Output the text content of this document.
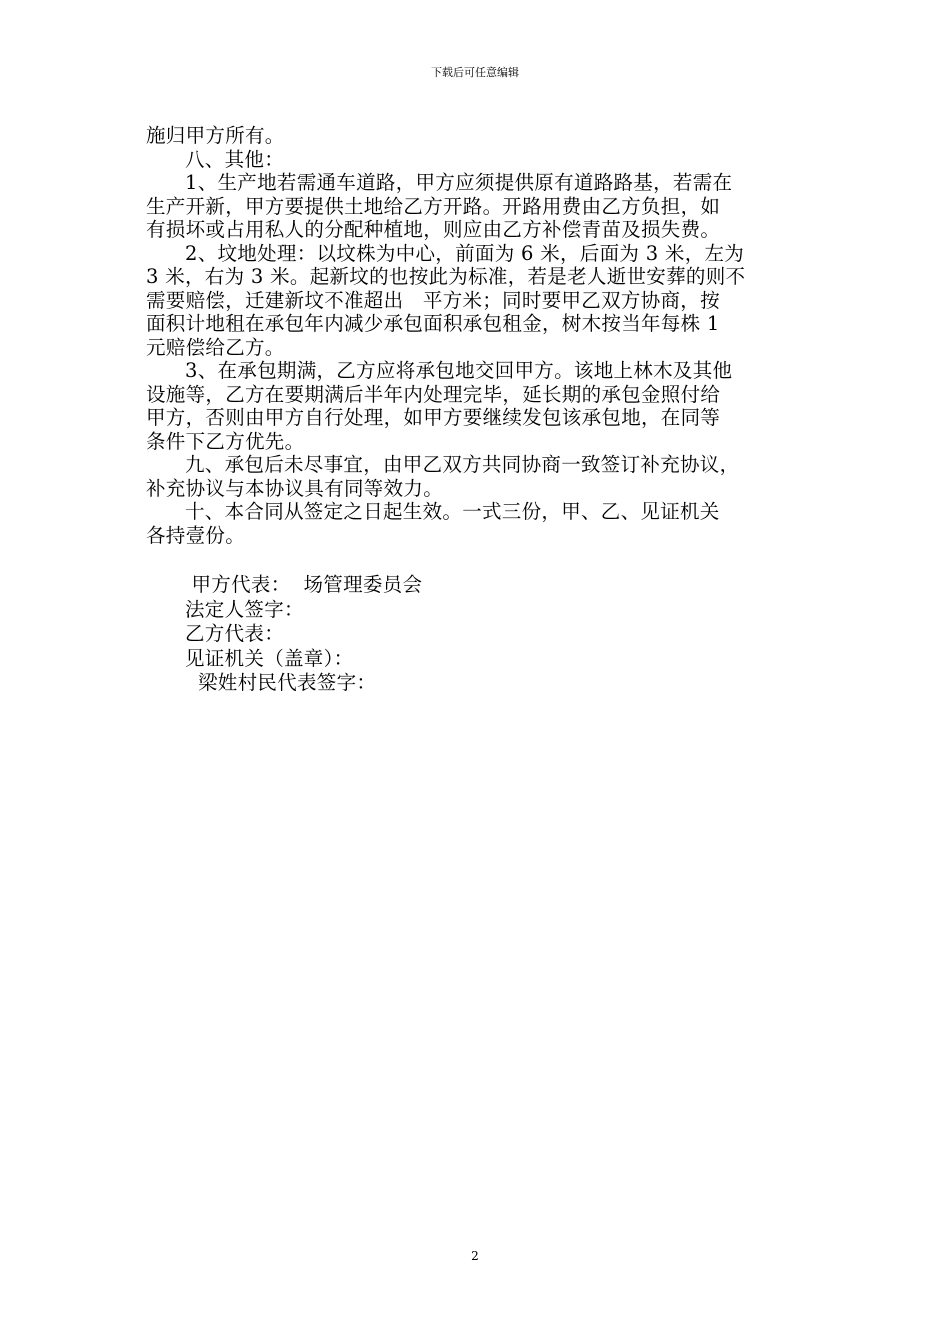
下载后可任意编辑
施归甲方所有。
八、其他：
1、生产地若需通车道路，甲方应须提供原有道路路基，若需在
生产开新，甲方要提供土地给乙方开路。开路用费由乙方负担，如
有损坏或占用私人的分配种植地，则应由乙方补偿青苗及损失费。
2、坟地处理：以坟株为中心，前面为 6 米，后面为 3 米，左为
3 米，右为 3 米。起新坟的也按此为标准，若是老人逝世安葬的则不
需要赔偿，迁建新坟不准超出   平方米；同时要甲乙双方协商，按
面积计地租在承包年内减少承包面积承包租金，树木按当年每株 1
元赔偿给乙方。
3、在承包期满，乙方应将承包地交回甲方。该地上林木及其他
设施等，乙方在要期满后半年内处理完毕，延长期的承包金照付给
甲方，否则由甲方自行处理，如甲方要继续发包该承包地，在同等
条件下乙方优先。
九、承包后未尽事宜，由甲乙双方共同协商一致签订补充协议，
补充协议与本协议具有同等效力。
十、本合同从签定之日起生效。一式三份，甲、乙、见证机关
各持壹份。
甲方代表：  场管理委员会
法定人签字：
乙方代表：
见证机关（盖章）：
梁姓村民代表签字：
2
